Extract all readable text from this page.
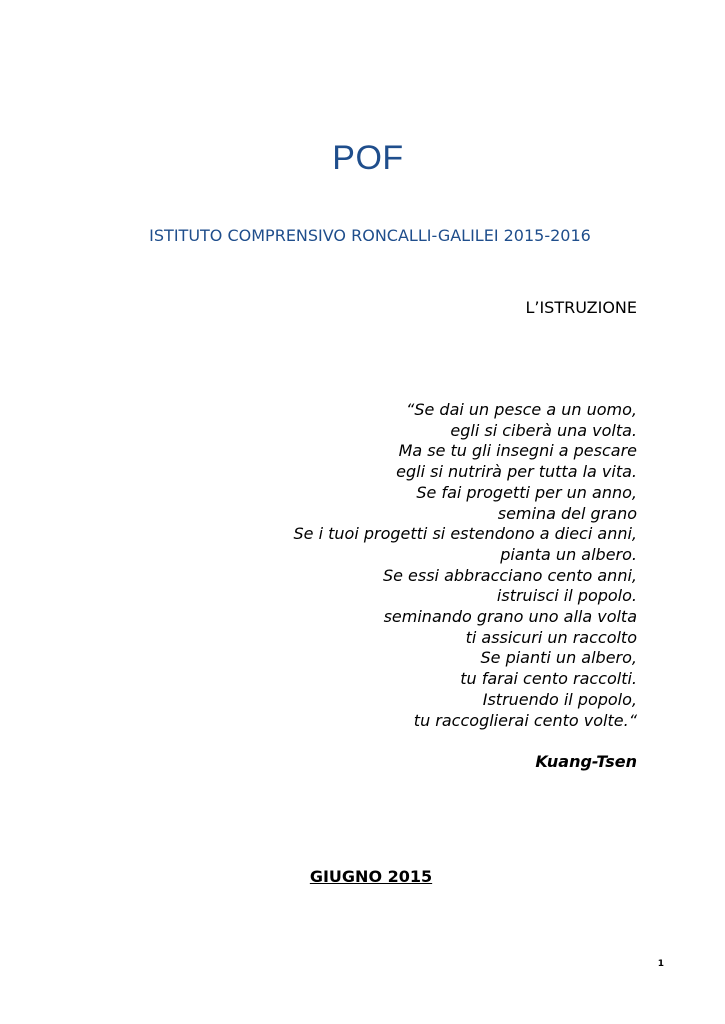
POF
ISTITUTO COMPRENSIVO RONCALLI-GALILEI 2015-2016
L’ISTRUZIONE
“Se dai un pesce a un uomo,
egli si ciberà una volta.
Ma se tu gli insegni a pescare
egli si nutrirà per tutta la vita.
Se fai progetti per un anno,
semina del grano
Se i tuoi progetti si estendono a dieci anni,
pianta un albero.
Se essi abbracciano cento anni,
istruisci il popolo.
seminando grano uno alla volta
ti assicuri un raccolto
Se pianti un albero,
tu farai cento raccolti.
Istruendo il popolo,
tu raccoglierai cento volte.“
Kuang-Tsen
GIUGNO 2015
1
